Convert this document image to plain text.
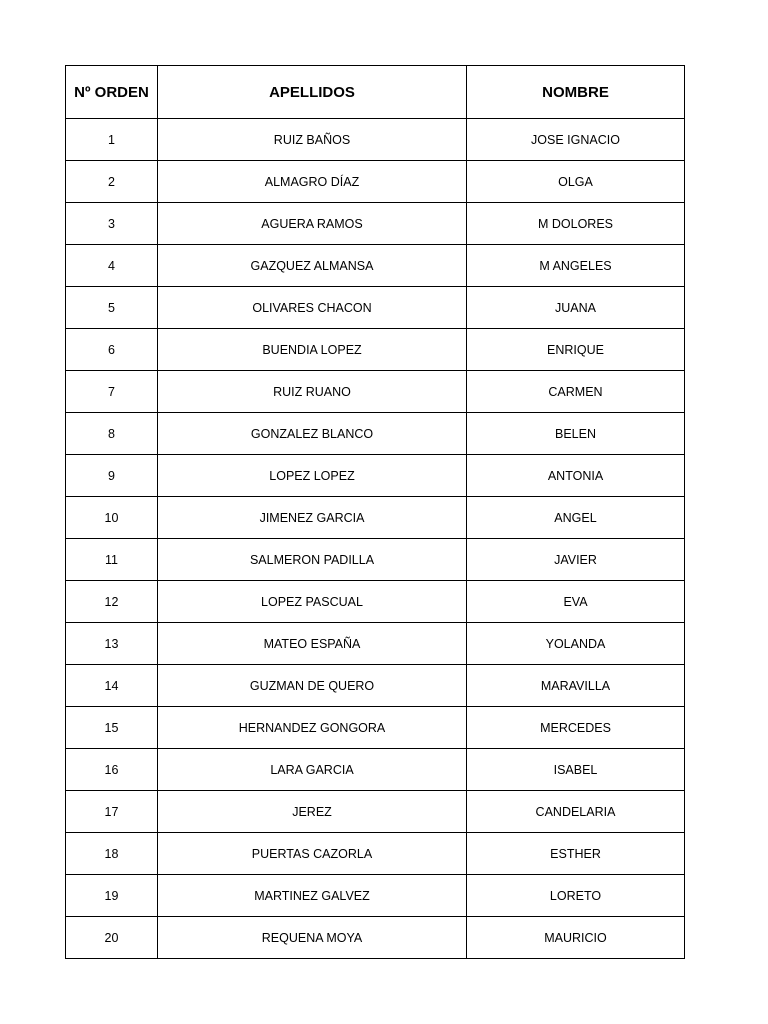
Nº ORDEN	APELLIDOS	NOMBRE
1	RUIZ BAÑOS	JOSE IGNACIO
2	ALMAGRO DÍAZ	OLGA
3	AGUERA RAMOS	M DOLORES
4	GAZQUEZ ALMANSA	M ANGELES
5	OLIVARES CHACON	JUANA
6	BUENDIA LOPEZ	ENRIQUE
7	RUIZ RUANO	CARMEN
8	GONZALEZ BLANCO	BELEN
9	LOPEZ LOPEZ	ANTONIA
10	JIMENEZ GARCIA	ANGEL
11	SALMERON PADILLA	JAVIER
12	LOPEZ PASCUAL	EVA
13	MATEO ESPAÑA	YOLANDA
14	GUZMAN DE QUERO	MARAVILLA
15	HERNANDEZ GONGORA	MERCEDES
16	LARA GARCIA	ISABEL
17	JEREZ	CANDELARIA
18	PUERTAS CAZORLA	ESTHER
19	MARTINEZ GALVEZ	LORETO
20	REQUENA MOYA	MAURICIO
